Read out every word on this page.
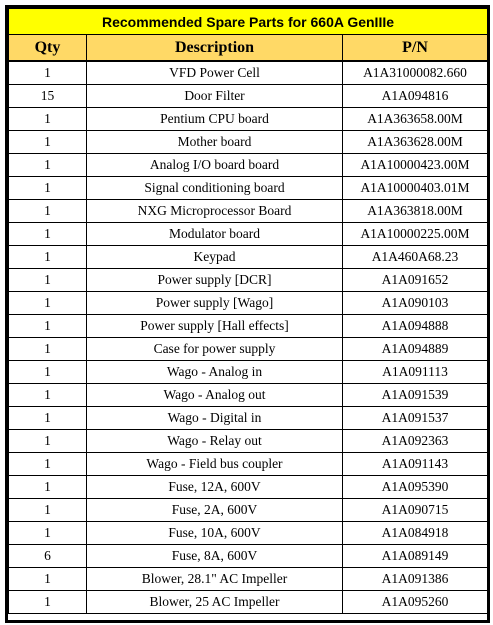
Recommended Spare Parts for 660A GenIIIe		
Qty	Description	P/N
1	VFD Power Cell	A1A31000082.660
15	Door Filter	A1A094816
1	Pentium CPU board	A1A363658.00M
1	Mother board	A1A363628.00M
1	Analog I/O board board	A1A10000423.00M
1	Signal conditioning board	A1A10000403.01M
1	NXG Microprocessor Board	A1A363818.00M
1	Modulator board	A1A10000225.00M
1	Keypad	A1A460A68.23
1	Power supply [DCR]	A1A091652
1	Power supply [Wago]	A1A090103
1	Power supply [Hall effects]	A1A094888
1	Case for power supply	A1A094889
1	Wago - Analog in	A1A091113
1	Wago - Analog out	A1A091539
1	Wago - Digital in	A1A091537
1	Wago - Relay out	A1A092363
1	Wago - Field bus coupler	A1A091143
1	Fuse, 12A, 600V	A1A095390
1	Fuse, 2A, 600V	A1A090715
1	Fuse, 10A, 600V	A1A084918
6	Fuse, 8A, 600V	A1A089149
1	Blower, 28.1" AC Impeller	A1A091386
1	Blower, 25 AC Impeller	A1A095260
